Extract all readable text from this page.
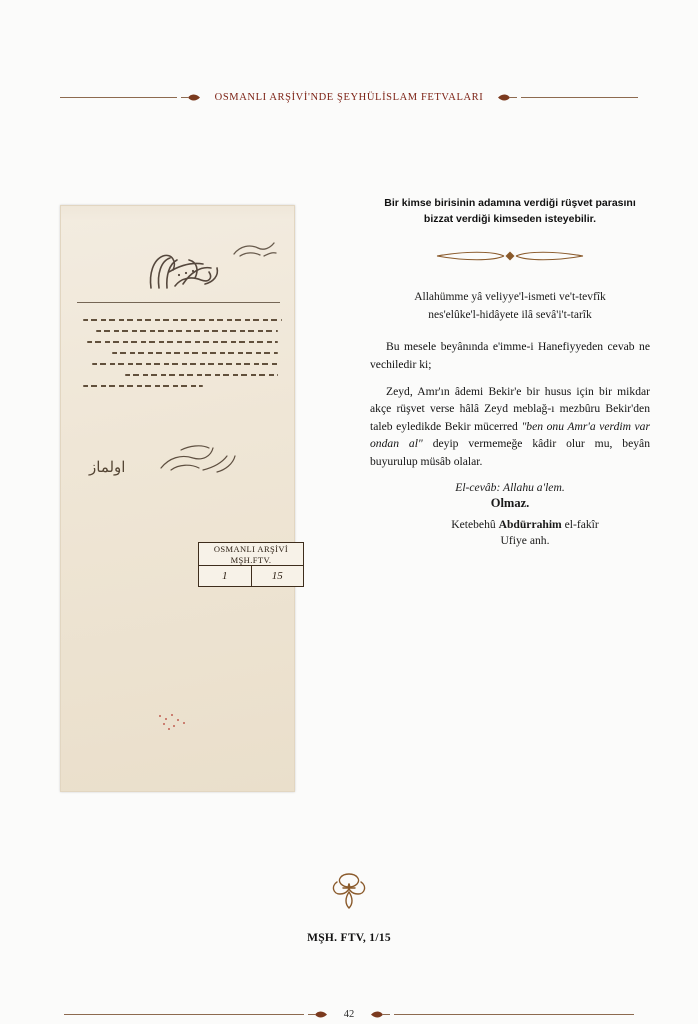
OSMANLI ARŞİVİ'NDE ŞEYHÜLİSLAM FETVALARI
اولماز
OSMANLI ARŞİVİ
MŞH.FTV.
1	15
Bir kimse birisinin adamına verdiği rüşvet parasını bizzat verdiği kimseden isteyebilir.
Allahümme yâ veliyye'l-ismeti ve't-tevfîk
nes'elûke'l-hidâyete ilâ sevâ'i't-tarîk

Bu mesele beyânında e'imme-i Hanefiyyeden cevab ne vechiledir ki;

Zeyd, Amr'ın âdemi Bekir'e bir husus için bir mikdar akçe rüşvet verse hâlâ Zeyd meblağ-ı mezbûru Bekir'den taleb eyledikde Bekir mücerred "ben onu Amr'a verdim var ondan al" deyip vermemeğe kâdir olur mu, beyân buyurulup müsâb olalar.

El-cevâb: Allahu a'lem.
Olmaz.
Ketebehû Abdürrahim el-fakîr
Ufiye anh.
MŞH. FTV, 1/15
42
